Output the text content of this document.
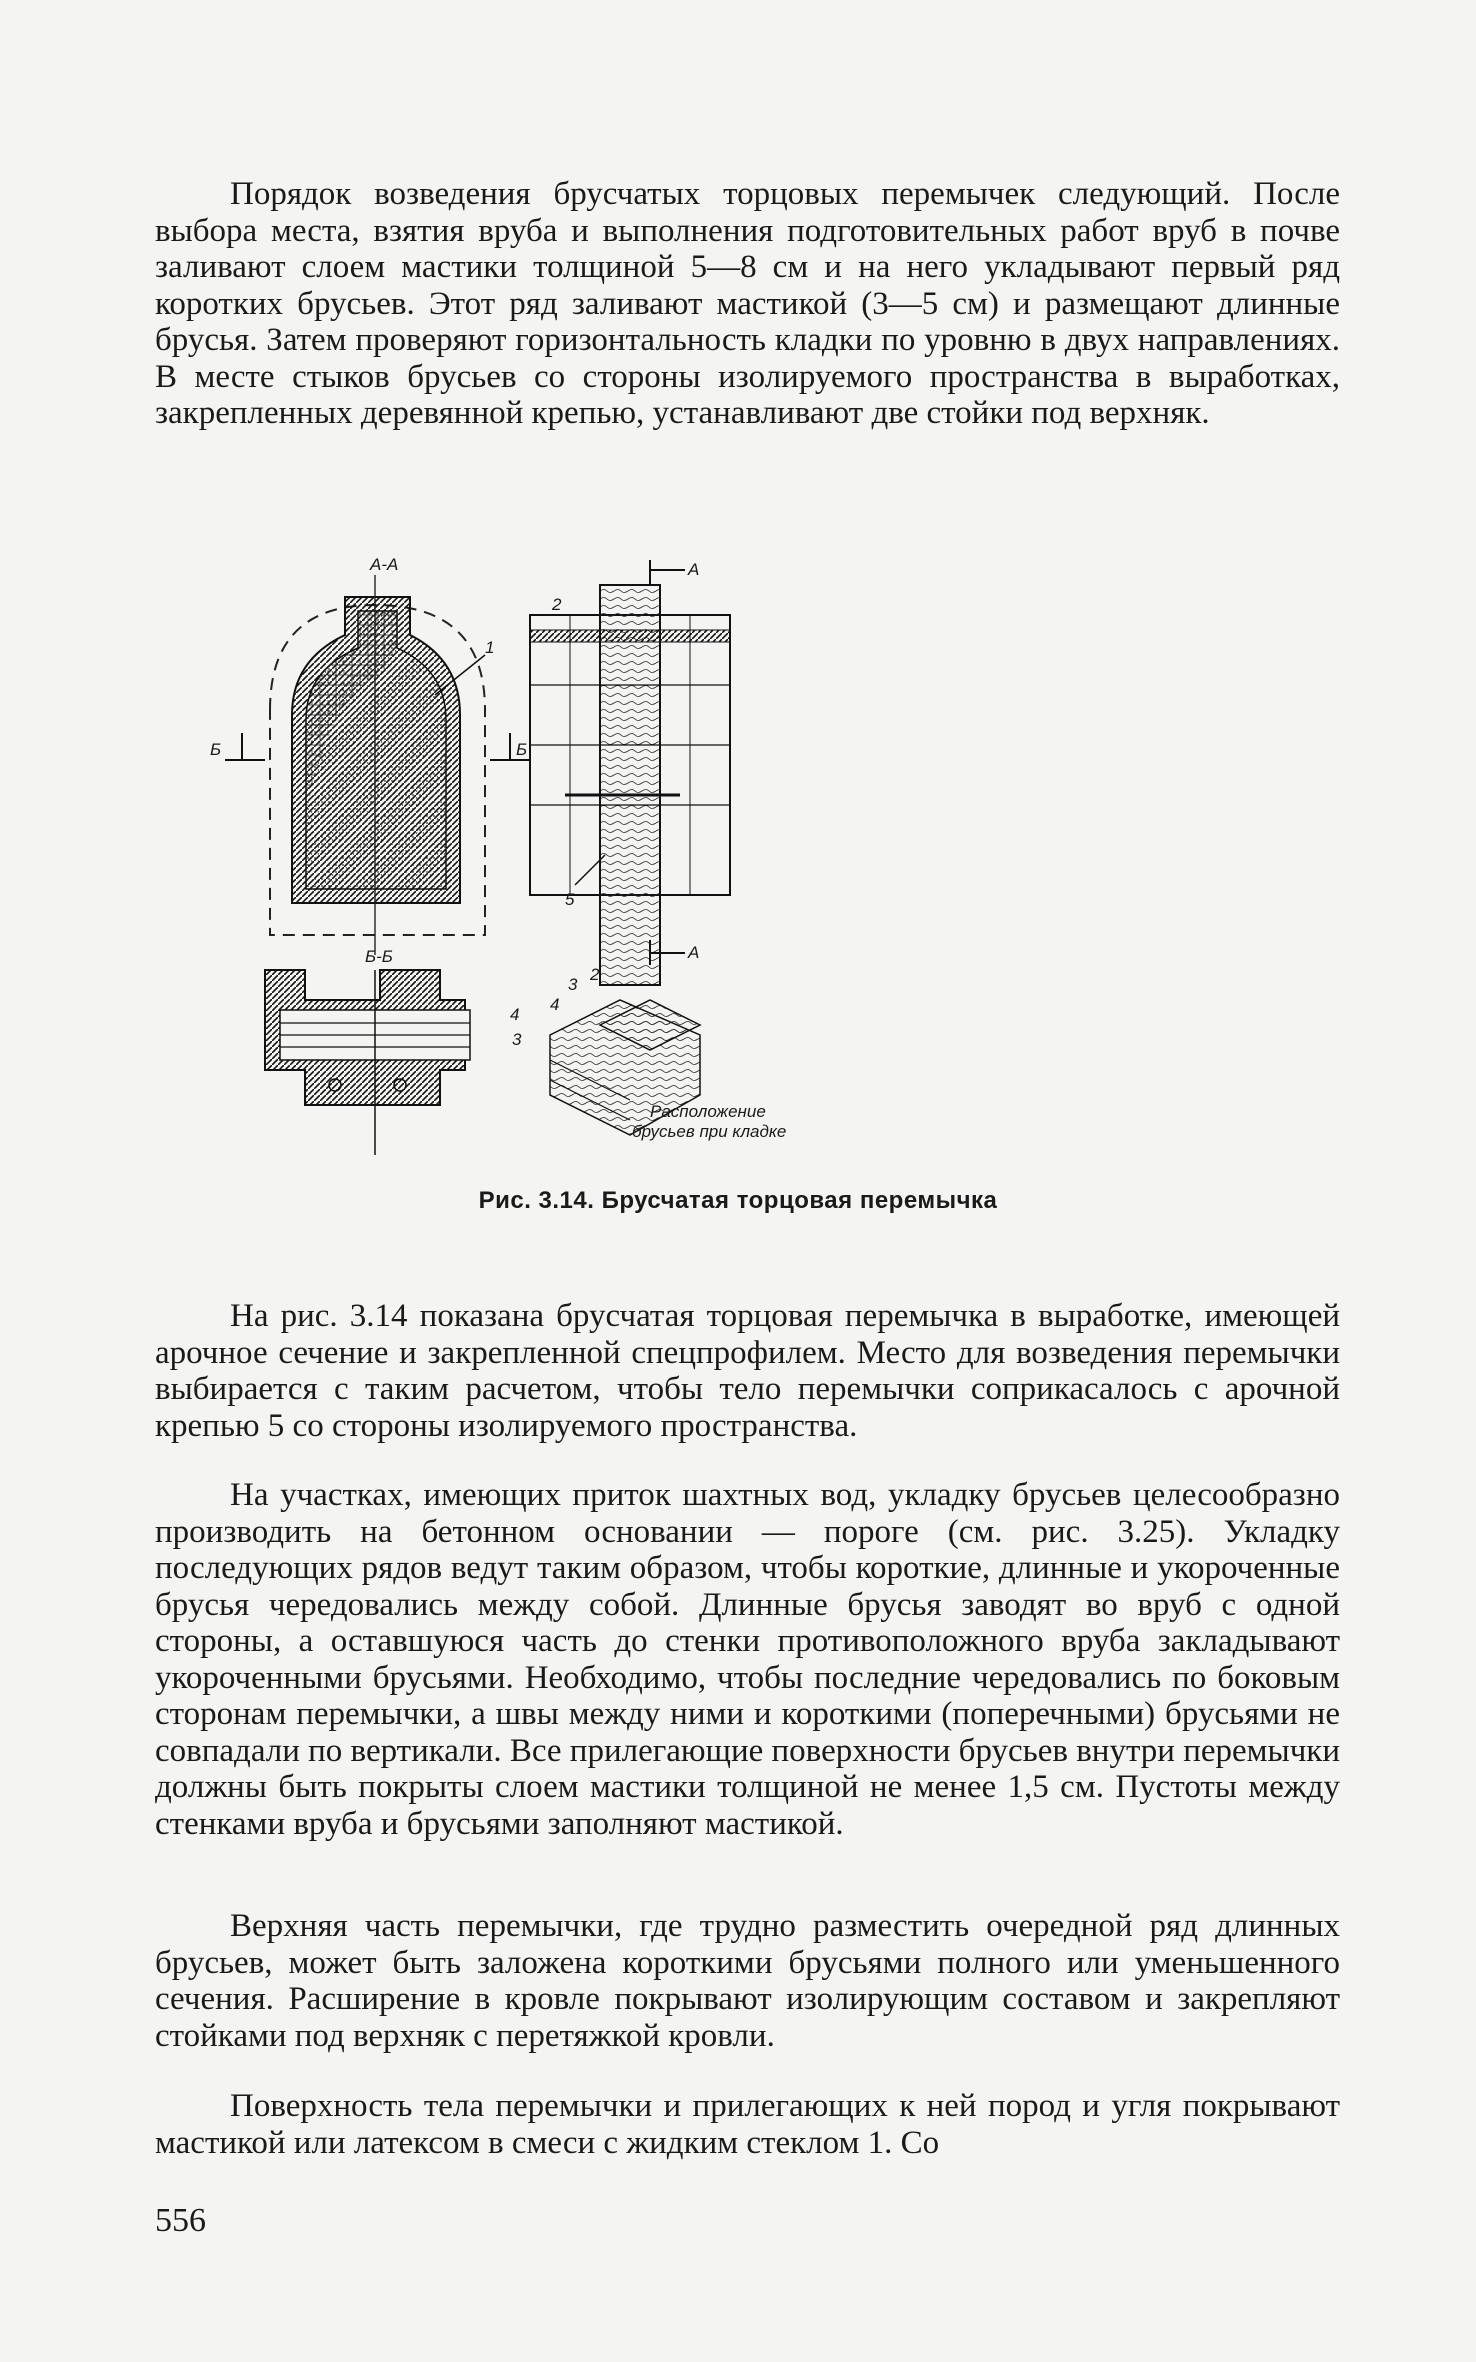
Порядок возведения брусчатых торцовых перемычек следующий. После выбора места, взятия вруба и выполнения подготовительных работ вруб в почве заливают слоем мастики толщиной 5—8 см и на него укладывают первый ряд коротких брусьев. Этот ряд заливают мастикой (3—5 см) и размещают длинные брусья. Затем проверяют горизонтальность кладки по уровню в двух направлениях. В месте стыков брусьев со стороны изолируемого пространства в выработках, закрепленных деревянной крепью, устанавливают две стойки под верхняк.

А-А
1
Б	Б
Б-Б
4
3
А
2
5
А
3
2
4
Расположение
брусьев при кладке
Рис. 3.14. Брусчатая торцовая перемычка

На рис. 3.14 показана брусчатая торцовая перемычка в выработке, имеющей арочное сечение и закрепленной спецпрофилем. Место для возведения перемычки выбирается с таким расчетом, чтобы тело перемычки соприкасалось с арочной крепью 5 со стороны изолируемого пространства.

На участках, имеющих приток шахтных вод, укладку брусьев целесообразно производить на бетонном основании — пороге (см. рис. 3.25). Укладку последующих рядов ведут таким образом, чтобы короткие, длинные и укороченные брусья чередовались между собой. Длинные брусья заводят во вруб с одной стороны, а оставшуюся часть до стенки противоположного вруба закладывают укороченными брусьями. Необходимо, чтобы последние чередовались по боковым сторонам перемычки, а швы между ними и короткими (поперечными) брусьями не совпадали по вертикали. Все прилегающие поверхности брусьев внутри перемычки должны быть покрыты слоем мастики толщиной не менее 1,5 см. Пустоты между стенками вруба и брусьями заполняют мастикой.

Верхняя часть перемычки, где трудно разместить очередной ряд длинных брусьев, может быть заложена короткими брусьями полного или уменьшенного сечения. Расширение в кровле покрывают изолирующим составом и закрепляют стойками под верхняк с перетяжкой кровли.

Поверхность тела перемычки и прилегающих к ней пород и угля покрывают мастикой или латексом в смеси с жидким стеклом 1. Со

556
